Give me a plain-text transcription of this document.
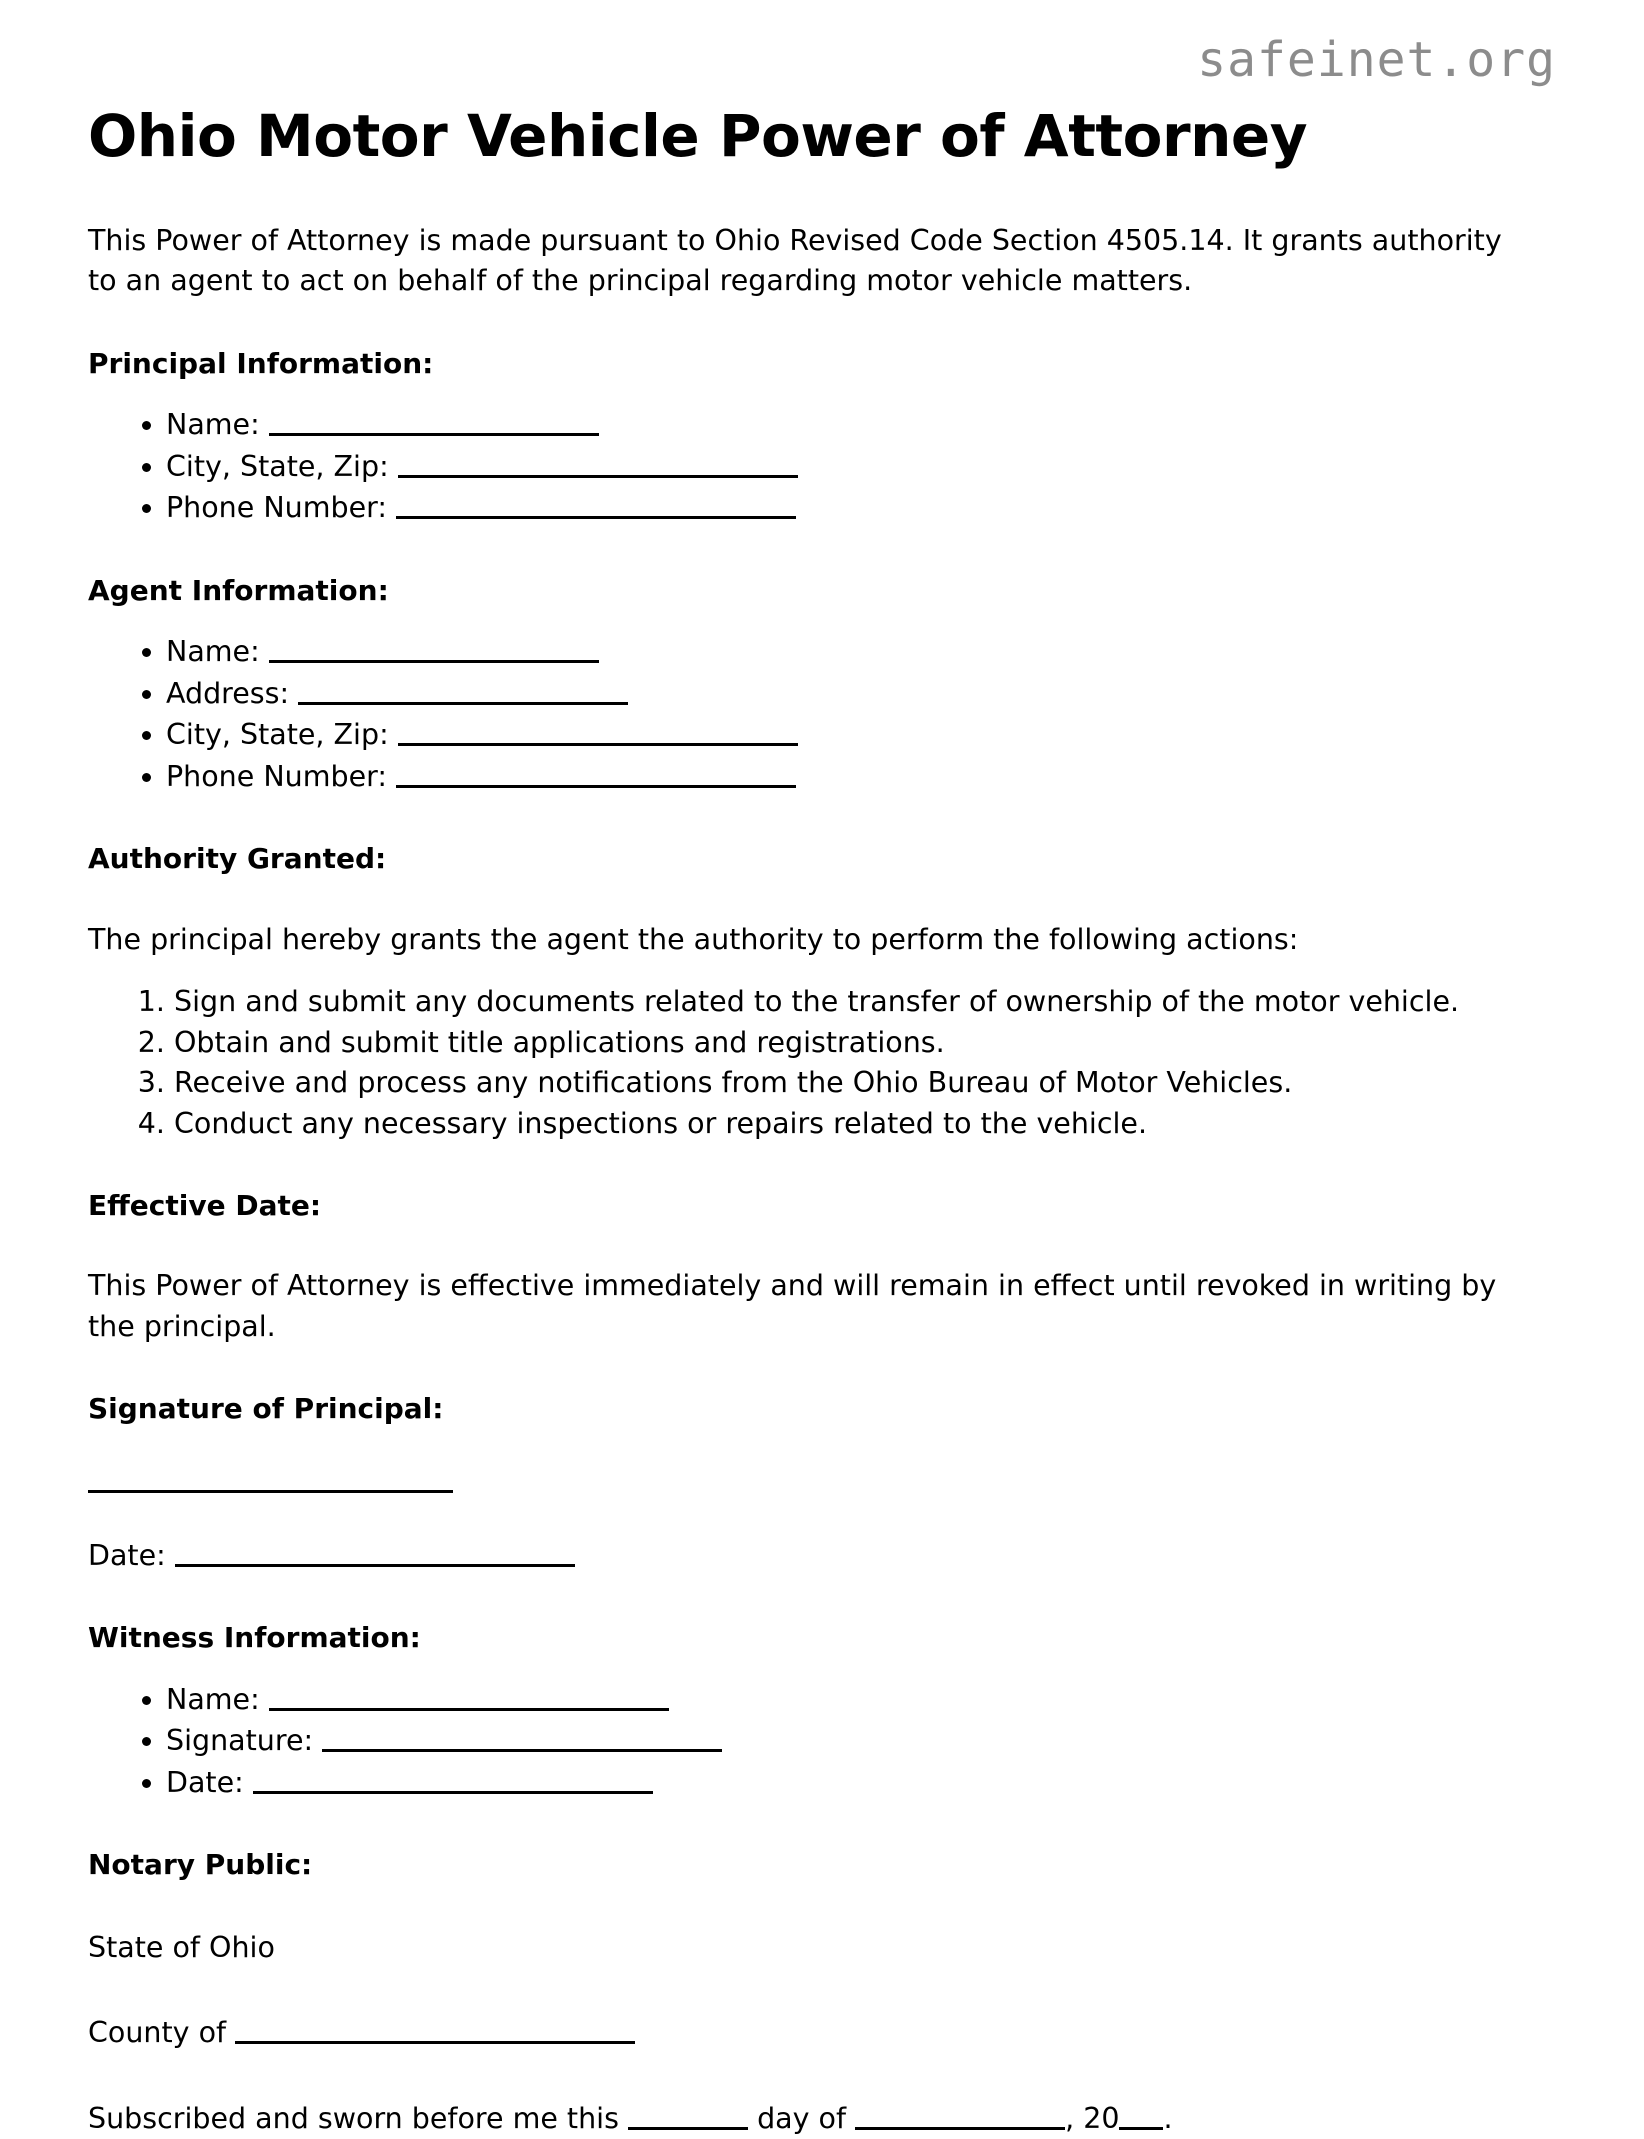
safeinet.org
Ohio Motor Vehicle Power of Attorney

This Power of Attorney is made pursuant to Ohio Revised Code Section 4505.14. It grants authority to an agent to act on behalf of the principal regarding motor vehicle matters.

Principal Information:
• Name:
• City, State, Zip:
• Phone Number:
Agent Information:
• Name:
• Address:
• City, State, Zip:
• Phone Number:
Authority Granted:

The principal hereby grants the agent the authority to perform the following actions:

1. Sign and submit any documents related to the transfer of ownership of the motor vehicle.
2. Obtain and submit title applications and registrations.
3. Receive and process any notifications from the Ohio Bureau of Motor Vehicles.
4. Conduct any necessary inspections or repairs related to the vehicle.
Effective Date:

This Power of Attorney is effective immediately and will remain in effect until revoked in writing by the principal.

Signature of Principal:
Date:
Witness Information:
• Name:
• Signature:
• Date:
Notary Public:
State of Ohio
County of
Subscribed and sworn before me this	day of	, 20 .
